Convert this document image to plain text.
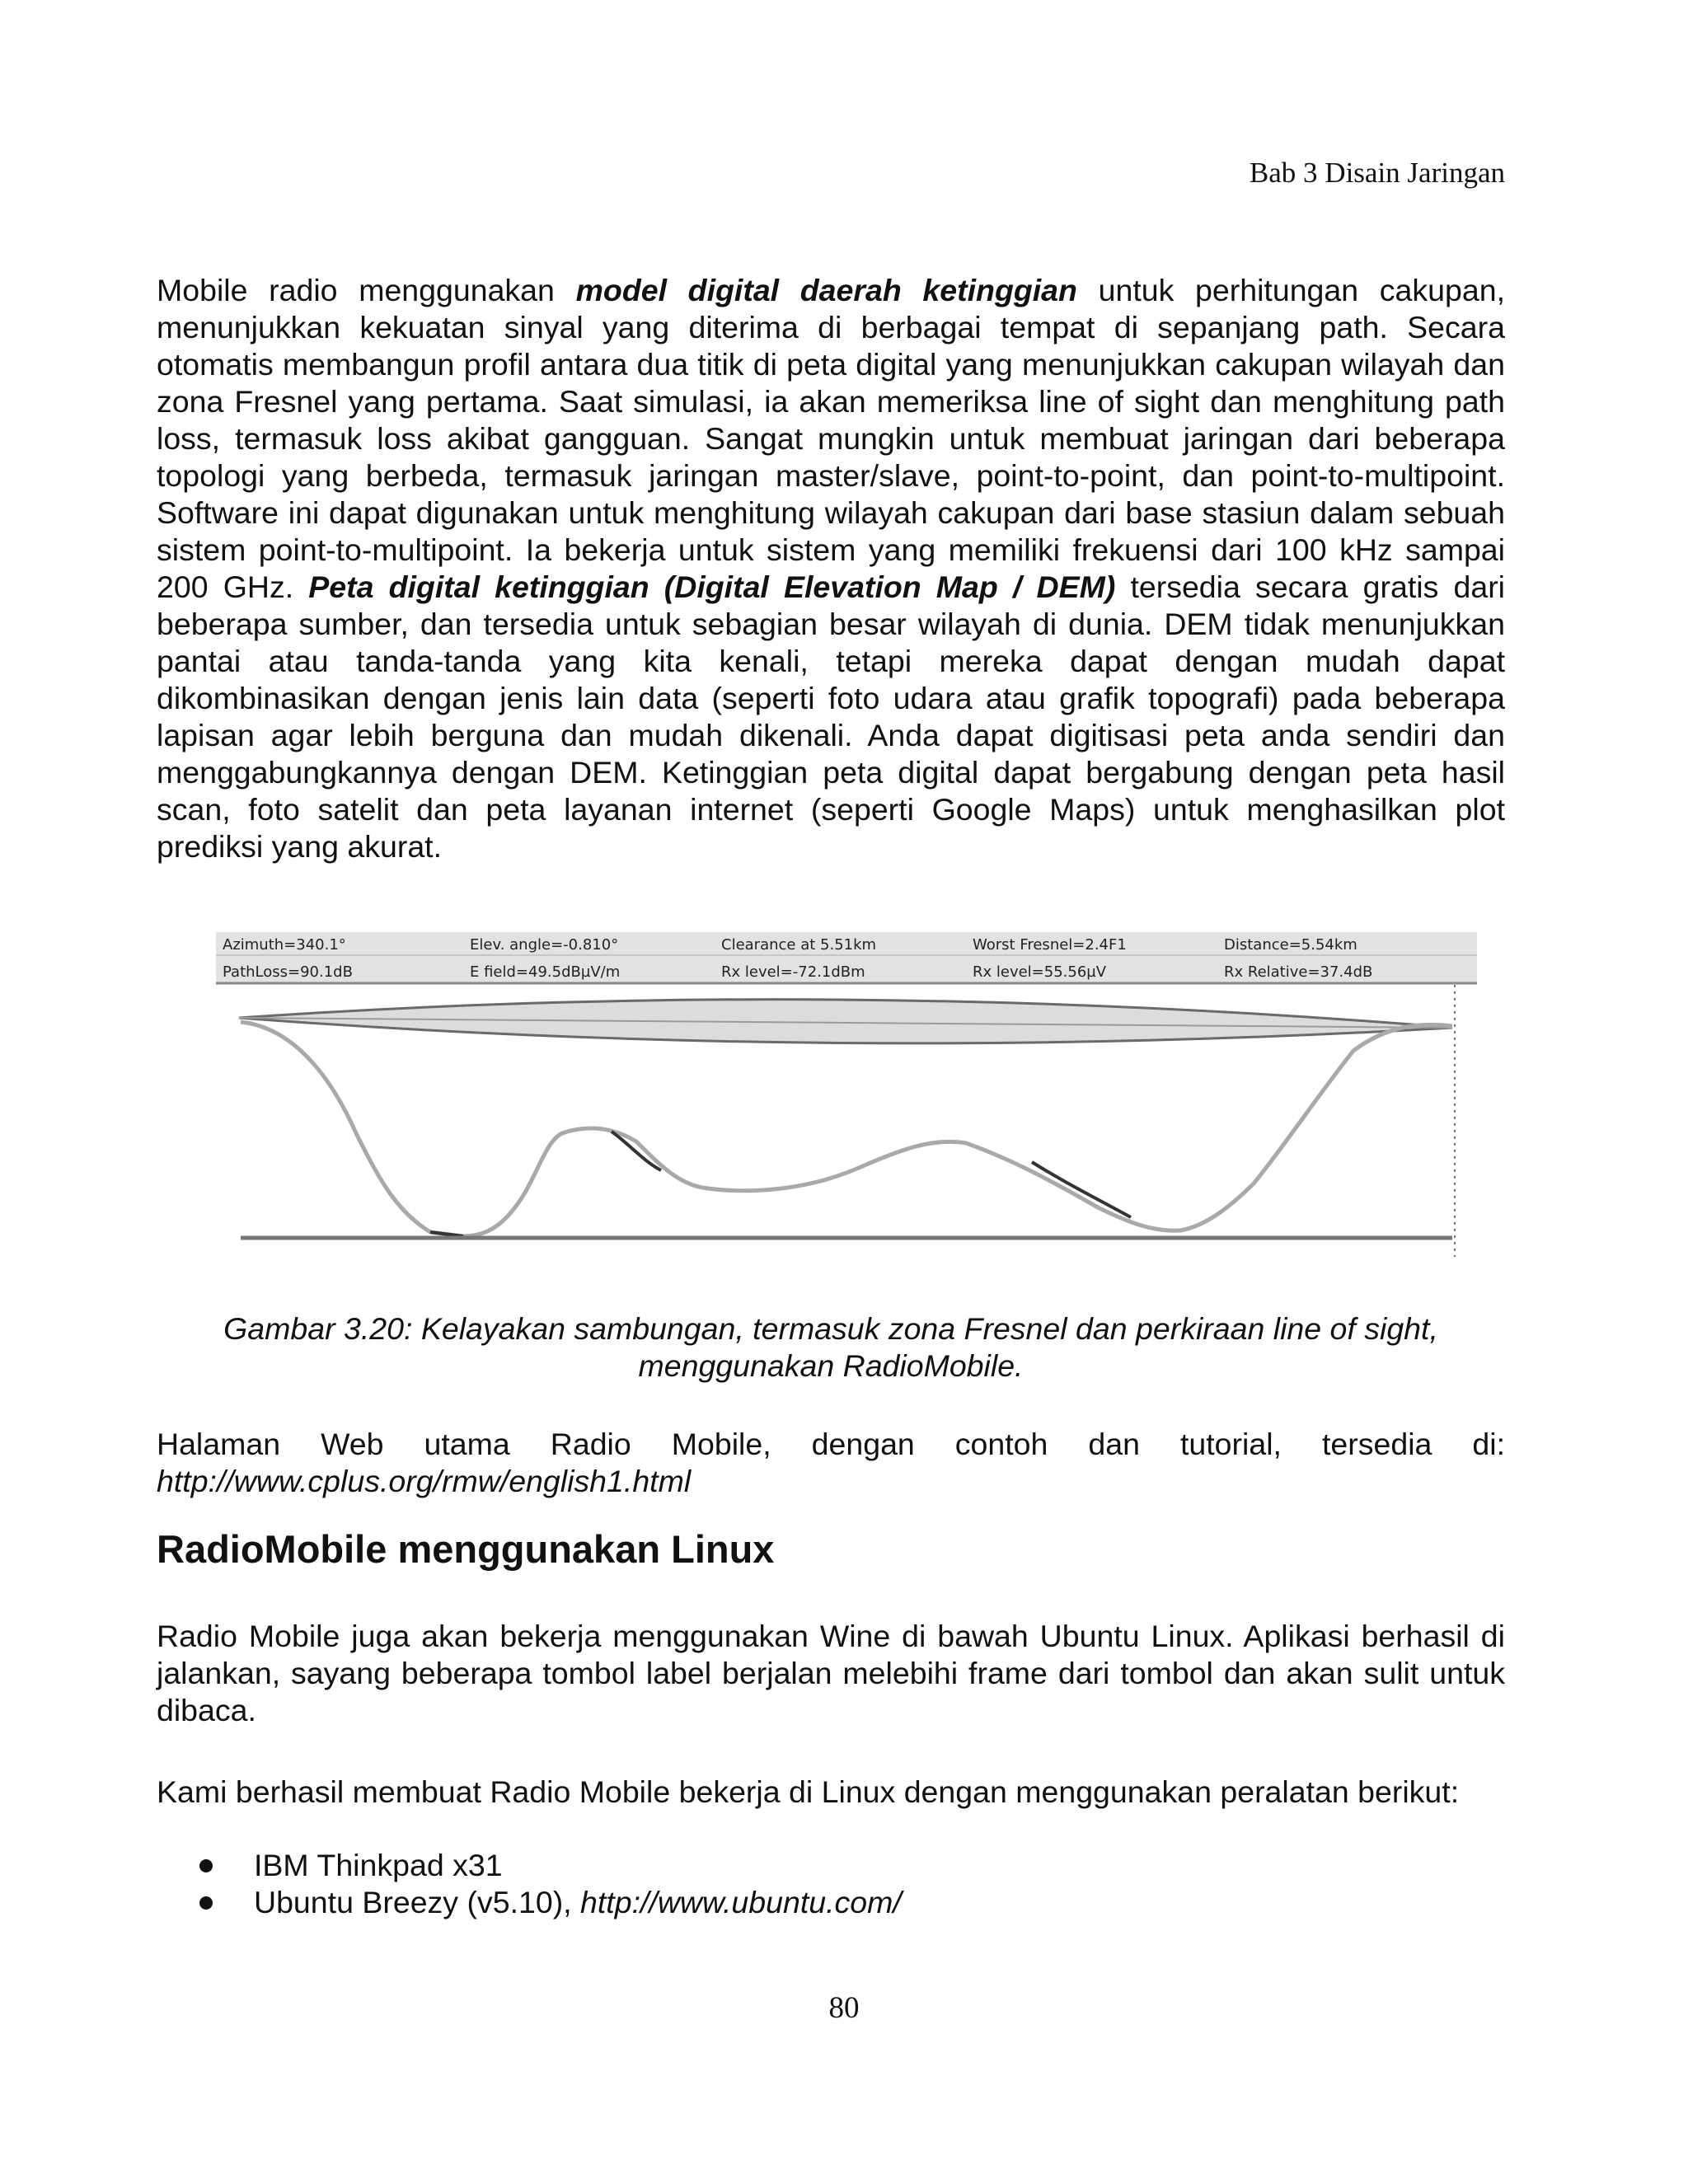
Bab 3 Disain Jaringan

Mobile radio menggunakan model digital daerah ketinggian untuk perhitungan cakupan, menunjukkan kekuatan sinyal yang diterima di berbagai tempat di sepanjang path. Secara otomatis membangun profil antara dua titik di peta digital yang menunjukkan cakupan wilayah dan zona Fresnel yang pertama. Saat simulasi, ia akan memeriksa line of sight dan menghitung path loss, termasuk loss akibat gangguan. Sangat mungkin untuk membuat jaringan dari beberapa topologi yang berbeda, termasuk jaringan master/slave, point-to-point, dan point-to-multipoint. Software ini dapat digunakan untuk menghitung wilayah cakupan dari base stasiun dalam sebuah sistem point-to-multipoint. Ia bekerja untuk sistem yang memiliki frekuensi dari 100 kHz sampai 200 GHz. Peta digital ketinggian (Digital Elevation Map / DEM) tersedia secara gratis dari beberapa sumber, dan tersedia untuk sebagian besar wilayah di dunia. DEM tidak menunjukkan pantai atau tanda-tanda yang kita kenali, tetapi mereka dapat dengan mudah dapat dikombinasikan dengan jenis lain data (seperti foto udara atau grafik topografi) pada beberapa lapisan agar lebih berguna dan mudah dikenali. Anda dapat digitisasi peta anda sendiri dan menggabungkannya dengan DEM. Ketinggian peta digital dapat bergabung dengan peta hasil scan, foto satelit dan peta layanan internet (seperti Google Maps) untuk menghasilkan plot prediksi yang akurat.

Azimuth=340.1°	Elev. angle=-0.810°	Clearance at 5.51km	Worst Fresnel=2.4F1	Distance=5.54km
PathLoss=90.1dB	E field=49.5dBµV/m	Rx level=-72.1dBm	Rx level=55.56µV	Rx Relative=37.4dB

Gambar 3.20: Kelayakan sambungan, termasuk zona Fresnel dan perkiraan line of sight, menggunakan RadioMobile.

Halaman Web utama Radio Mobile, dengan contoh dan tutorial, tersedia di: http://www.cplus.org/rmw/english1.html

RadioMobile menggunakan Linux

Radio Mobile juga akan bekerja menggunakan Wine di bawah Ubuntu Linux. Aplikasi berhasil di jalankan, sayang beberapa tombol label berjalan melebihi frame dari tombol dan akan sulit untuk dibaca.

Kami berhasil membuat Radio Mobile bekerja di Linux dengan menggunakan peralatan berikut:

IBM Thinkpad x31
Ubuntu Breezy (v5.10), http://www.ubuntu.com/
80
